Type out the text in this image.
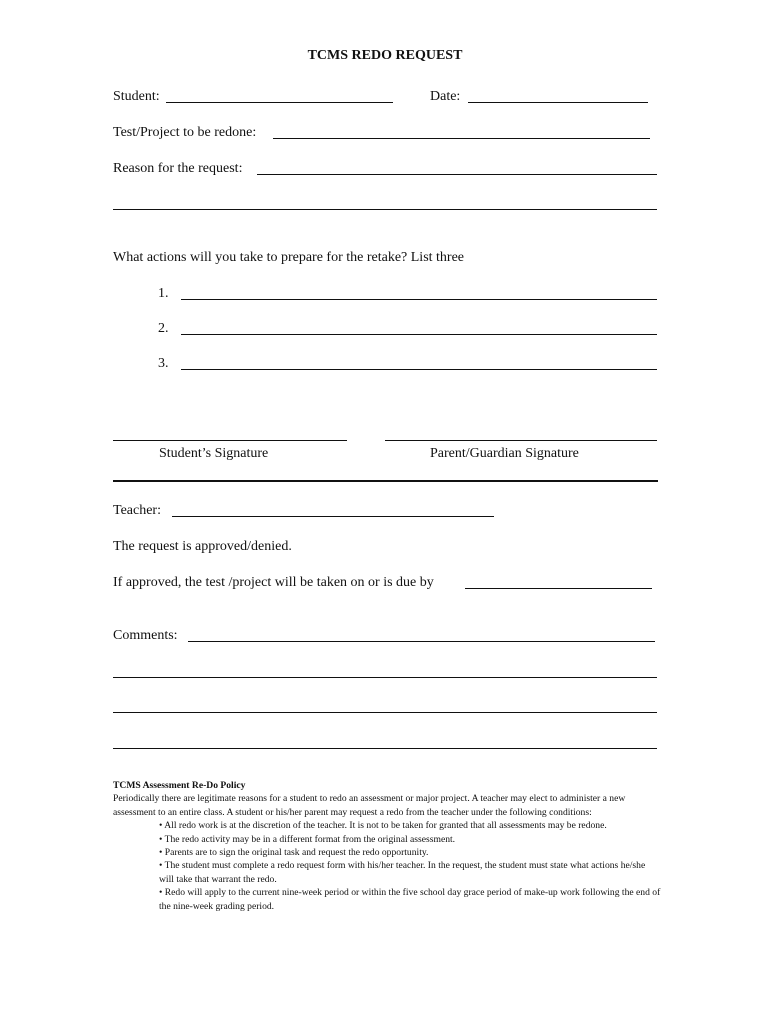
TCMS REDO REQUEST
Student:	Date:
Test/Project to be redone:
Reason for the request:
What actions will you take to prepare for the retake? List three
1.
2.
3.
Student’s Signature	Parent/Guardian Signature
Teacher:
The request is approved/denied.
If approved, the test /project will be taken on or is due by
Comments:

TCMS Assessment Re-Do Policy

Periodically there are legitimate reasons for a student to redo an assessment or major project. A teacher may elect to administer a new assessment to an entire class. A student or his/her parent may request a redo from the teacher under the following conditions:

• All redo work is at the discretion of the teacher. It is not to be taken for granted that all assessments may be redone.
• The redo activity may be in a different format from the original assessment.
• Parents are to sign the original task and request the redo opportunity.
• The student must complete a redo request form with his/her teacher. In the request, the student must state what actions he/she will take that warrant the redo.
• Redo will apply to the current nine-week period or within the five school day grace period of make-up work following the end of the nine-week grading period.
